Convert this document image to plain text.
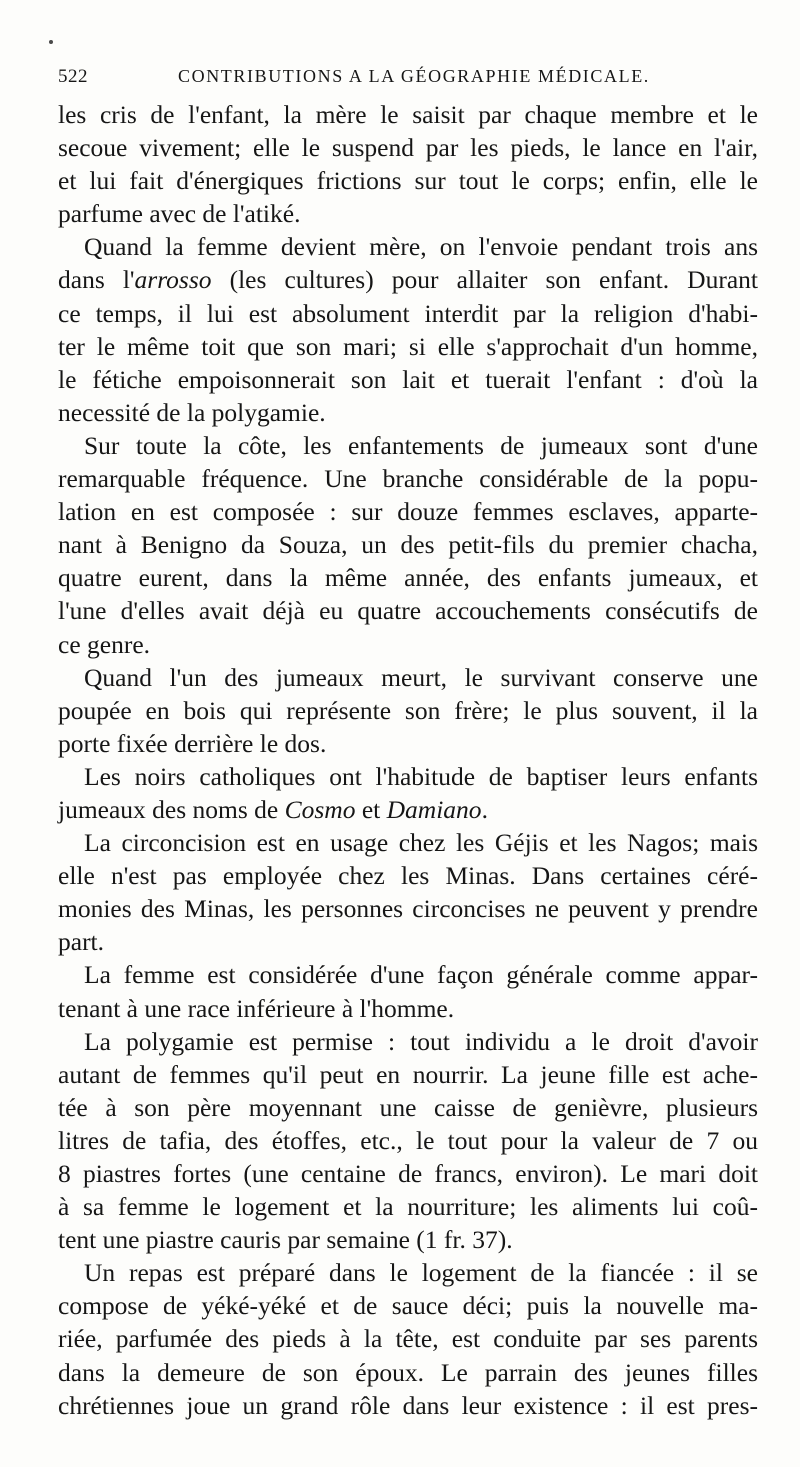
522	CONTRIBUTIONS A LA GÉOGRAPHIE MÉDICALE.
les cris de l'enfant, la mère le saisit par chaque membre et le
secoue vivement; elle le suspend par les pieds, le lance en l'air,
et lui fait d'énergiques frictions sur tout le corps; enfin, elle le
parfume avec de l'atiké.
Quand la femme devient mère, on l'envoie pendant trois ans
dans l'arrosso (les cultures) pour allaiter son enfant. Durant
ce temps, il lui est absolument interdit par la religion d'habi-
ter le même toit que son mari; si elle s'approchait d'un homme,
le fétiche empoisonnerait son lait et tuerait l'enfant : d'où la
necessité de la polygamie.
Sur toute la côte, les enfantements de jumeaux sont d'une
remarquable fréquence. Une branche considérable de la popu-
lation en est composée : sur douze femmes esclaves, apparte-
nant à Benigno da Souza, un des petit-fils du premier chacha,
quatre eurent, dans la même année, des enfants jumeaux, et
l'une d'elles avait déjà eu quatre accouchements consécutifs de
ce genre.
Quand l'un des jumeaux meurt, le survivant conserve une
poupée en bois qui représente son frère; le plus souvent, il la
porte fixée derrière le dos.
Les noirs catholiques ont l'habitude de baptiser leurs enfants
jumeaux des noms de Cosmo et Damiano.
La circoncision est en usage chez les Géjis et les Nagos; mais
elle n'est pas employée chez les Minas. Dans certaines céré-
monies des Minas, les personnes circoncises ne peuvent y prendre
part.
La femme est considérée d'une façon générale comme appar-
tenant à une race inférieure à l'homme.
La polygamie est permise : tout individu a le droit d'avoir
autant de femmes qu'il peut en nourrir. La jeune fille est ache-
tée à son père moyennant une caisse de genièvre, plusieurs
litres de tafia, des étoffes, etc., le tout pour la valeur de 7 ou
8 piastres fortes (une centaine de francs, environ). Le mari doit
à sa femme le logement et la nourriture; les aliments lui coû-
tent une piastre cauris par semaine (1 fr. 37).
Un repas est préparé dans le logement de la fiancée : il se
compose de yéké-yéké et de sauce déci; puis la nouvelle ma-
riée, parfumée des pieds à la tête, est conduite par ses parents
dans la demeure de son époux. Le parrain des jeunes filles
chrétiennes joue un grand rôle dans leur existence : il est pres-
